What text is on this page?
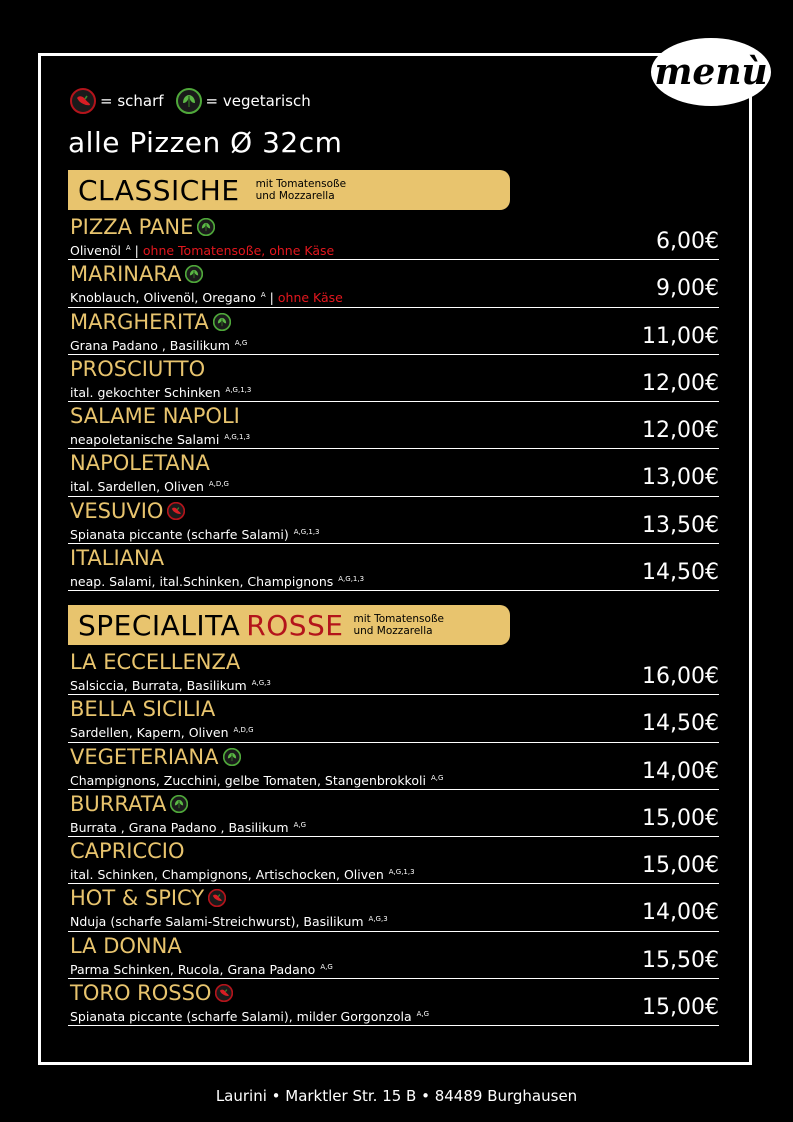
menù
= scharf	= vegetarisch
alle Pizzen Ø 32cm
CLASSICHE	mit Tomatensoße
und Mozzarella
PIZZA PANE
Olivenöl $^A$ | ohne Tomatensoße, ohne Käse	6,00€
MARINARA
Knoblauch, Olivenöl, Oregano $^A$ | ohne Käse	9,00€
MARGHERITA
Grana Padano , Basilikum $^{A,G}$	11,00€
PROSCIUTTO
ital. gekochter Schinken $^{A,G,1,3}$	12,00€
SALAME NAPOLI
neapoletanische Salami $^{A,G,1,3}$	12,00€
NAPOLETANA
ital. Sardellen, Oliven $^{A,D,G}$	13,00€
VESUVIO
Spianata piccante (scharfe Salami) $^{A,G,1,3}$	13,50€
ITALIANA
neap. Salami, ital.Schinken, Champignons $^{A,G,1,3}$	14,50€
SPECIALITA ROSSE mit Tomatensoße
und Mozzarella
LA ECCELLENZA
Salsiccia, Burrata, Basilikum $^{A,G,3}$	16,00€
BELLA SICILIA
Sardellen, Kapern, Oliven $^{A,D,G}$	14,50€
VEGETERIANA
Champignons, Zucchini, gelbe Tomaten, Stangenbrokkoli $^{A,G}$	14,00€
BURRATA
Burrata , Grana Padano , Basilikum $^{A,G}$	15,00€
CAPRICCIO
ital. Schinken, Champignons, Artischocken, Oliven $^{A,G,1,3}$	15,00€
HOT & SPICY
Nduja (scharfe Salami-Streichwurst), Basilikum $^{A,G,3}$	14,00€
LA DONNA
Parma Schinken, Rucola, Grana Padano $^{A,G}$	15,50€
TORO ROSSO
Spianata piccante (scharfe Salami), milder Gorgonzola $^{A,G}$	15,00€
Laurini • Marktler Str. 15 B • 84489 Burghausen
